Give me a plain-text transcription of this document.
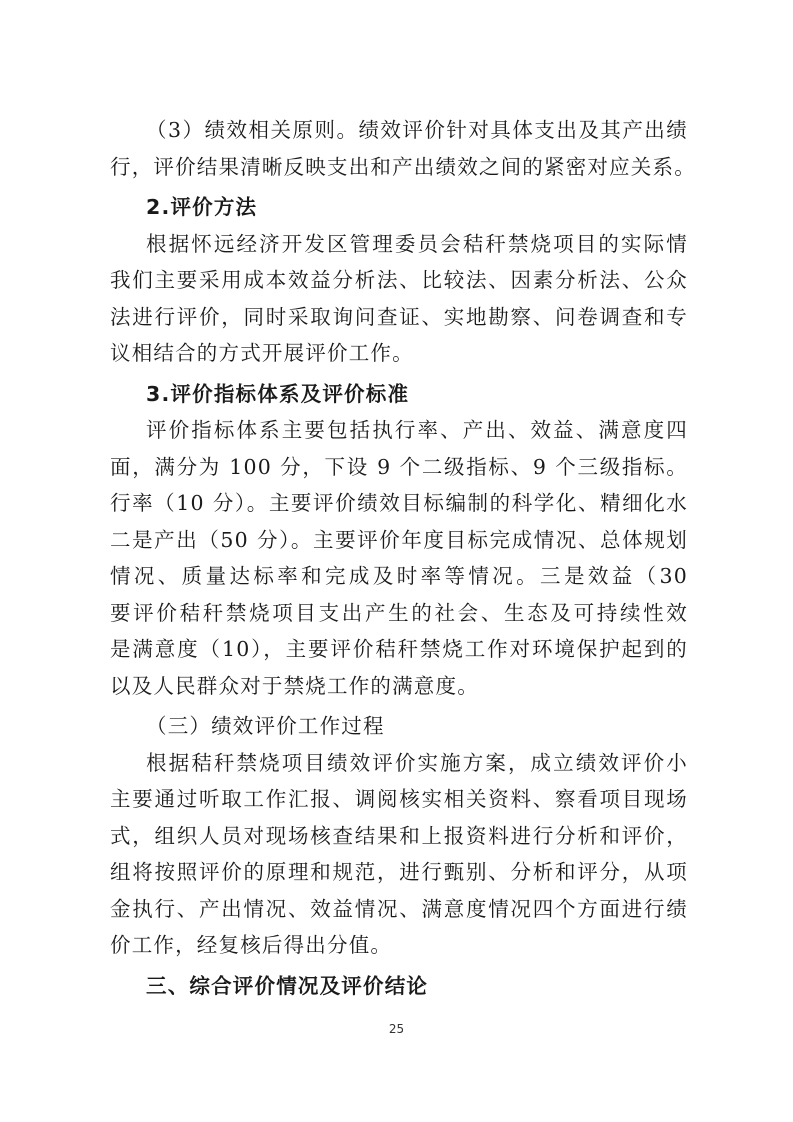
（3）绩效相关原则。绩效评价针对具体支出及其产出绩
行，评价结果清晰反映支出和产出绩效之间的紧密对应关系。
2.评价方法
根据怀远经济开发区管理委员会秸秆禁烧项目的实际情
我们主要采用成本效益分析法、比较法、因素分析法、公众
法进行评价，同时采取询问查证、实地勘察、问卷调查和专
议相结合的方式开展评价工作。
3.评价指标体系及评价标准
评价指标体系主要包括执行率、产出、效益、满意度四
面，满分为 100 分，下设 9 个二级指标、9 个三级指标。
行率（10 分）。主要评价绩效目标编制的科学化、精细化水
二是产出（50 分）。主要评价年度目标完成情况、总体规划
情况、质量达标率和完成及时率等情况。三是效益（30
要评价秸秆禁烧项目支出产生的社会、生态及可持续性效
是满意度（10），主要评价秸秆禁烧工作对环境保护起到的
以及人民群众对于禁烧工作的满意度。
（三）绩效评价工作过程
根据秸秆禁烧项目绩效评价实施方案，成立绩效评价小
主要通过听取工作汇报、调阅核实相关资料、察看项目现场
式，组织人员对现场核查结果和上报资料进行分析和评价，
组将按照评价的原理和规范，进行甄别、分析和评分，从项
金执行、产出情况、效益情况、满意度情况四个方面进行绩
价工作，经复核后得出分值。
三、综合评价情况及评价结论
25
